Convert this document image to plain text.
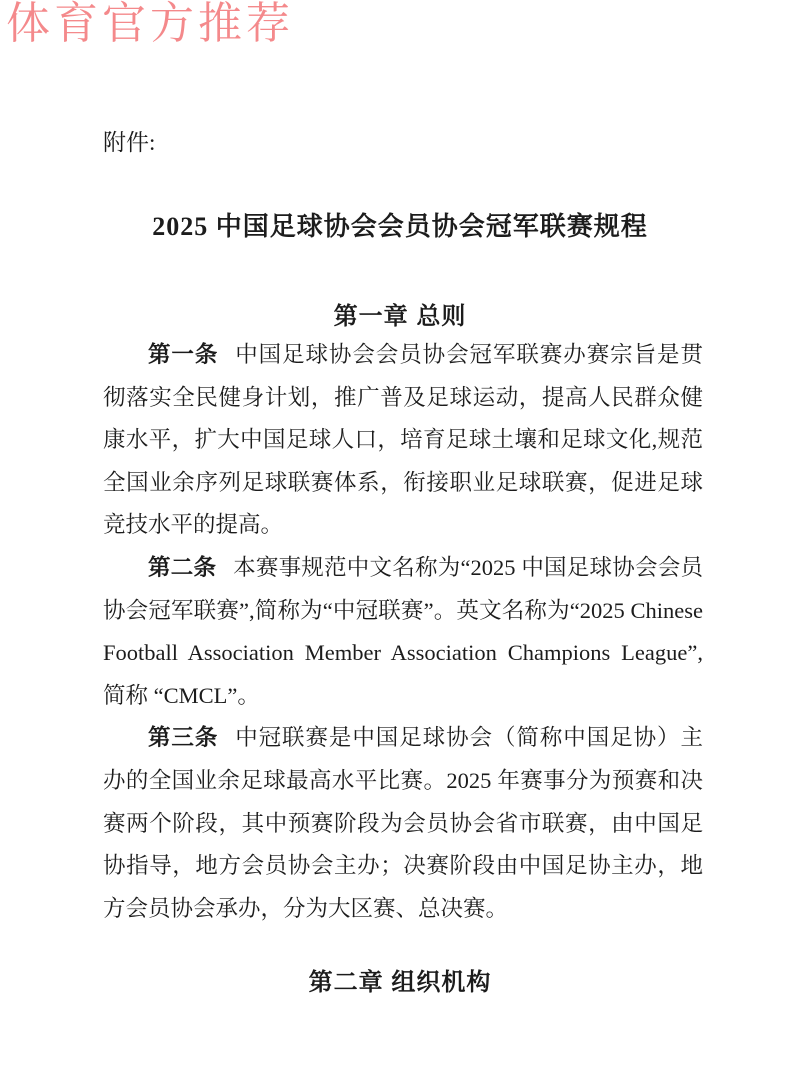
体育官方推荐
附件:
2025 中国足球协会会员协会冠军联赛规程
第一章 总则

第一条 中国足球协会会员协会冠军联赛办赛宗旨是贯彻落实全民健身计划，推广普及足球运动，提高人民群众健康水平，扩大中国足球人口，培育足球土壤和足球文化,规范全国业余序列足球联赛体系，衔接职业足球联赛，促进足球竞技水平的提高。

第二条 本赛事规范中文名称为“2025 中国足球协会会员协会冠军联赛”,简称为“中冠联赛”。英文名称为“2025 Chinese Football Association Member Association Champions League”, 简称 “CMCL”。

第三条 中冠联赛是中国足球协会（简称中国足协）主办的全国业余足球最高水平比赛。2025 年赛事分为预赛和决赛两个阶段，其中预赛阶段为会员协会省市联赛，由中国足协指导，地方会员协会主办；决赛阶段由中国足协主办，地方会员协会承办，分为大区赛、总决赛。

第二章 组织机构
